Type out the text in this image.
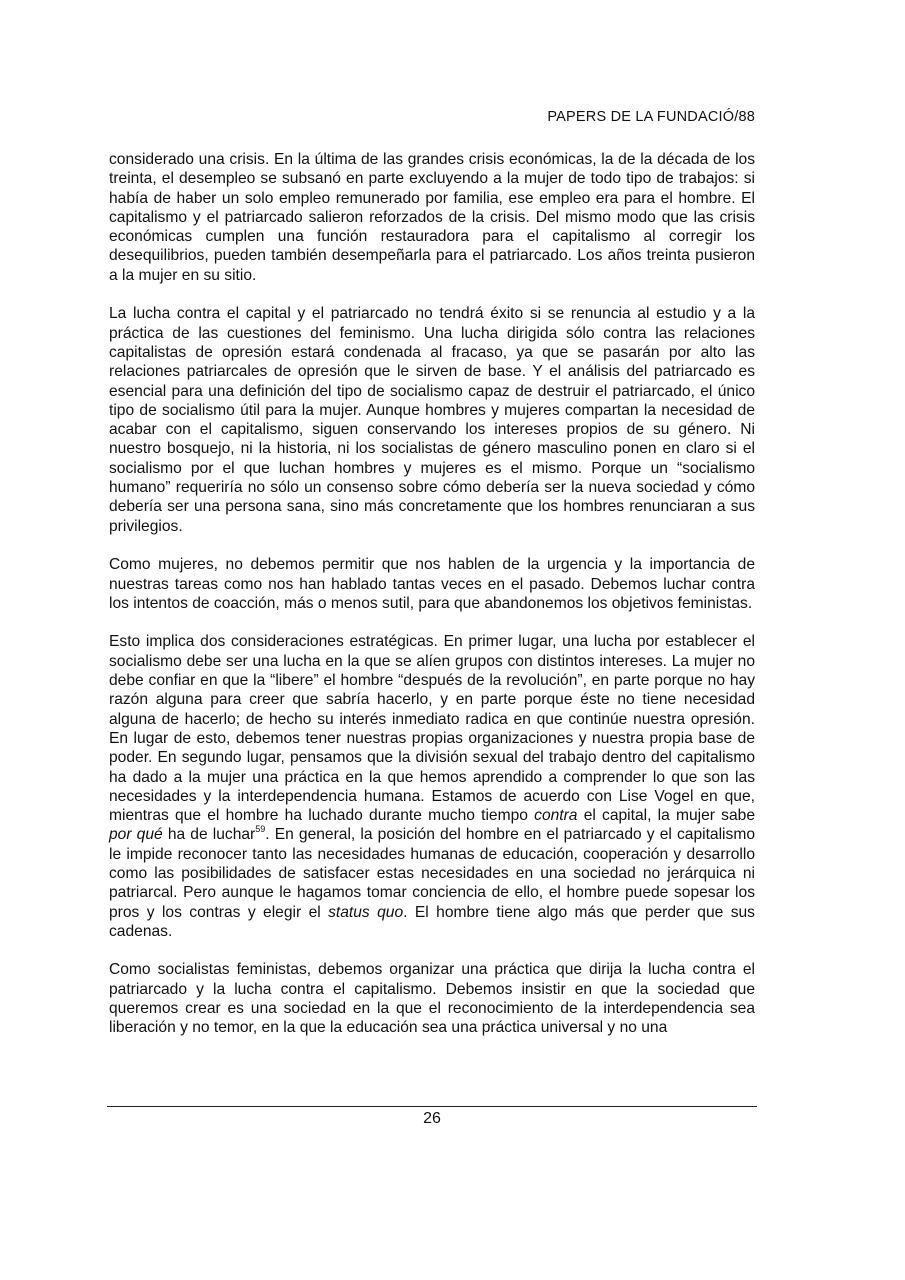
PAPERS DE LA FUNDACIÓ/88

considerado una crisis. En la última de las grandes crisis económicas, la de la década de los treinta, el desempleo se subsanó en parte excluyendo a la mujer de todo tipo de trabajos: si había de haber un solo empleo remunerado por familia, ese empleo era para el hombre. El capitalismo y el patriarcado salieron reforzados de la crisis. Del mismo modo que las crisis económicas cumplen una función restauradora para el capitalismo al corregir los desequilibrios, pueden también desempeñarla para el patriarcado. Los años treinta pusieron a la mujer en su sitio.

La lucha contra el capital y el patriarcado no tendrá éxito si se renuncia al estudio y a la práctica de las cuestiones del feminismo. Una lucha dirigida sólo contra las relaciones capitalistas de opresión estará condenada al fracaso, ya que se pasarán por alto las relaciones patriarcales de opresión que le sirven de base. Y el análisis del patriarcado es esencial para una definición del tipo de socialismo capaz de destruir el patriarcado, el único tipo de socialismo útil para la mujer. Aunque hombres y mujeres compartan la necesidad de acabar con el capitalismo, siguen conservando los intereses propios de su género. Ni nuestro bosquejo, ni la historia, ni los socialistas de género masculino ponen en claro si el socialismo por el que luchan hombres y mujeres es el mismo. Porque un “socialismo humano” requeriría no sólo un consenso sobre cómo debería ser la nueva sociedad y cómo debería ser una persona sana, sino más concretamente que los hombres renunciaran a sus privilegios.

Como mujeres, no debemos permitir que nos hablen de la urgencia y la importancia de nuestras tareas como nos han hablado tantas veces en el pasado. Debemos luchar contra los intentos de coacción, más o menos sutil, para que abandonemos los objetivos feministas.

Esto implica dos consideraciones estratégicas. En primer lugar, una lucha por establecer el socialismo debe ser una lucha en la que se alíen grupos con distintos intereses. La mujer no debe confiar en que la “libere” el hombre “después de la revolución”, en parte porque no hay razón alguna para creer que sabría hacerlo, y en parte porque éste no tiene necesidad alguna de hacerlo; de hecho su interés inmediato radica en que continúe nuestra opresión. En lugar de esto, debemos tener nuestras propias organizaciones y nuestra propia base de poder. En segundo lugar, pensamos que la división sexual del trabajo dentro del capitalismo ha dado a la mujer una práctica en la que hemos aprendido a comprender lo que son las necesidades y la interdependencia humana. Estamos de acuerdo con Lise Vogel en que, mientras que el hombre ha luchado durante mucho tiempo contra el capital, la mujer sabe por qué ha de luchar$^{59}$. En general, la posición del hombre en el patriarcado y el capitalismo le impide reconocer tanto las necesidades humanas de educación, cooperación y desarrollo como las posibilidades de satisfacer estas necesidades en una sociedad no jerárquica ni patriarcal. Pero aunque le hagamos tomar conciencia de ello, el hombre puede sopesar los pros y los contras y elegir el status quo. El hombre tiene algo más que perder que sus cadenas.

Como socialistas feministas, debemos organizar una práctica que dirija la lucha contra el patriarcado y la lucha contra el capitalismo. Debemos insistir en que la sociedad que queremos crear es una sociedad en la que el reconocimiento de la interdependencia sea liberación y no temor, en la que la educación sea una práctica universal y no una

26
